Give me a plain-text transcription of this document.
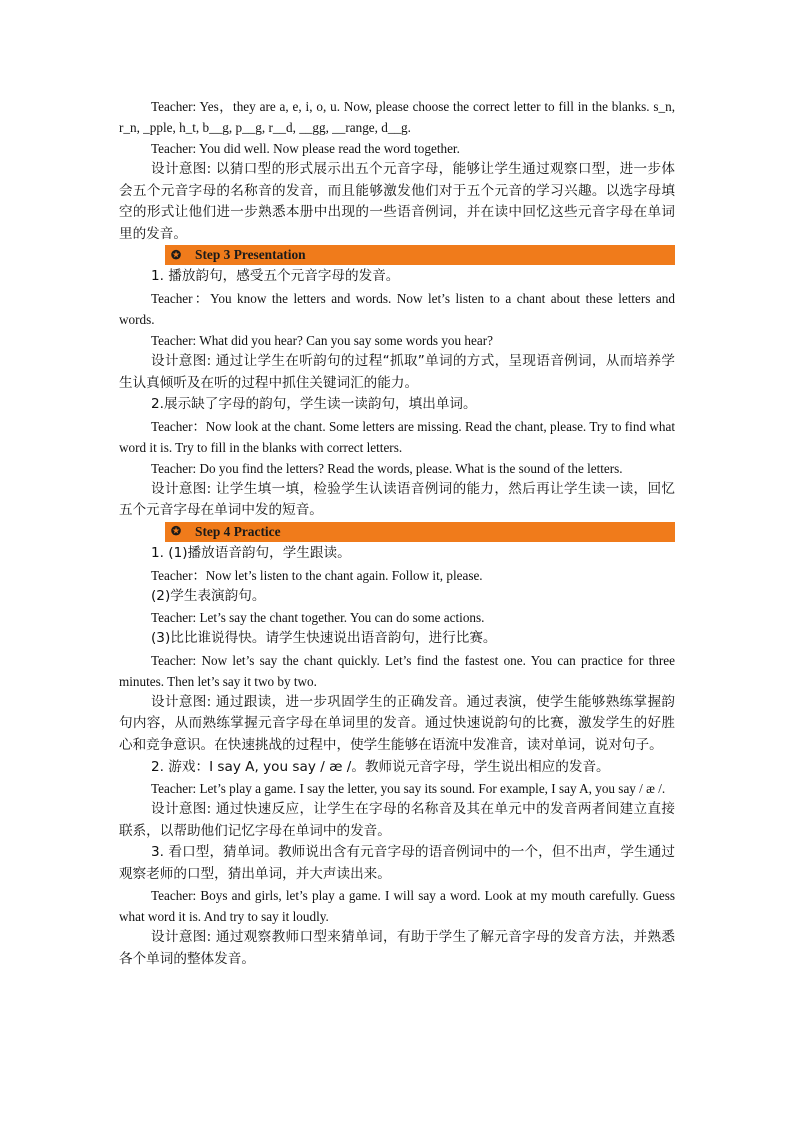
Teacher: Yes，they are a, e, i, o, u. Now, please choose the correct letter to fill in the blanks. s_n, r_n, _pple, h_t, b__g, p__g, r__d, __gg, __range, d__g.

Teacher: You did well. Now please read the word together.

设计意图: 以猜口型的形式展示出五个元音字母，能够让学生通过观察口型，进一步体会五个元音字母的名称音的发音，而且能够激发他们对于五个元音的学习兴趣。以选字母填空的形式让他们进一步熟悉本册中出现的一些语音例词，并在读中回忆这些元音字母在单词里的发音。

✪ Step 3 Presentation

1. 播放韵句，感受五个元音字母的发音。

Teacher：You know the letters and words. Now let’s listen to a chant about these letters and words.

Teacher: What did you hear? Can you say some words you hear?

设计意图: 通过让学生在听韵句的过程“抓取”单词的方式，呈现语音例词，从而培养学生认真倾听及在听的过程中抓住关键词汇的能力。

2.展示缺了字母的韵句，学生读一读韵句，填出单词。

Teacher：Now look at the chant. Some letters are missing. Read the chant, please. Try to find what word it is. Try to fill in the blanks with correct letters.

Teacher: Do you find the letters? Read the words, please. What is the sound of the letters.

设计意图: 让学生填一填，检验学生认读语音例词的能力，然后再让学生读一读，回忆五个元音字母在单词中发的短音。

✪ Step 4 Practice

1. (1)播放语音韵句，学生跟读。

Teacher：Now let’s listen to the chant again. Follow it, please.

(2)学生表演韵句。

Teacher: Let’s say the chant together. You can do some actions.

(3)比比谁说得快。请学生快速说出语音韵句，进行比赛。

Teacher: Now let’s say the chant quickly. Let’s find the fastest one. You can practice for three minutes. Then let’s say it two by two.

设计意图: 通过跟读，进一步巩固学生的正确发音。通过表演，使学生能够熟练掌握韵句内容，从而熟练掌握元音字母在单词里的发音。通过快速说韵句的比赛，激发学生的好胜心和竞争意识。在快速挑战的过程中，使学生能够在语流中发准音，读对单词，说对句子。

2. 游戏：I say A, you say / æ /。教师说元音字母，学生说出相应的发音。

Teacher: Let’s play a game. I say the letter, you say its sound. For example, I say A, you say / æ /.

设计意图: 通过快速反应，让学生在字母的名称音及其在单元中的发音两者间建立直接联系，以帮助他们记忆字母在单词中的发音。

3. 看口型，猜单词。教师说出含有元音字母的语音例词中的一个，但不出声，学生通过观察老师的口型，猜出单词，并大声读出来。

Teacher: Boys and girls, let’s play a game. I will say a word. Look at my mouth carefully. Guess what word it is. And try to say it loudly.

设计意图: 通过观察教师口型来猜单词，有助于学生了解元音字母的发音方法，并熟悉各个单词的整体发音。
